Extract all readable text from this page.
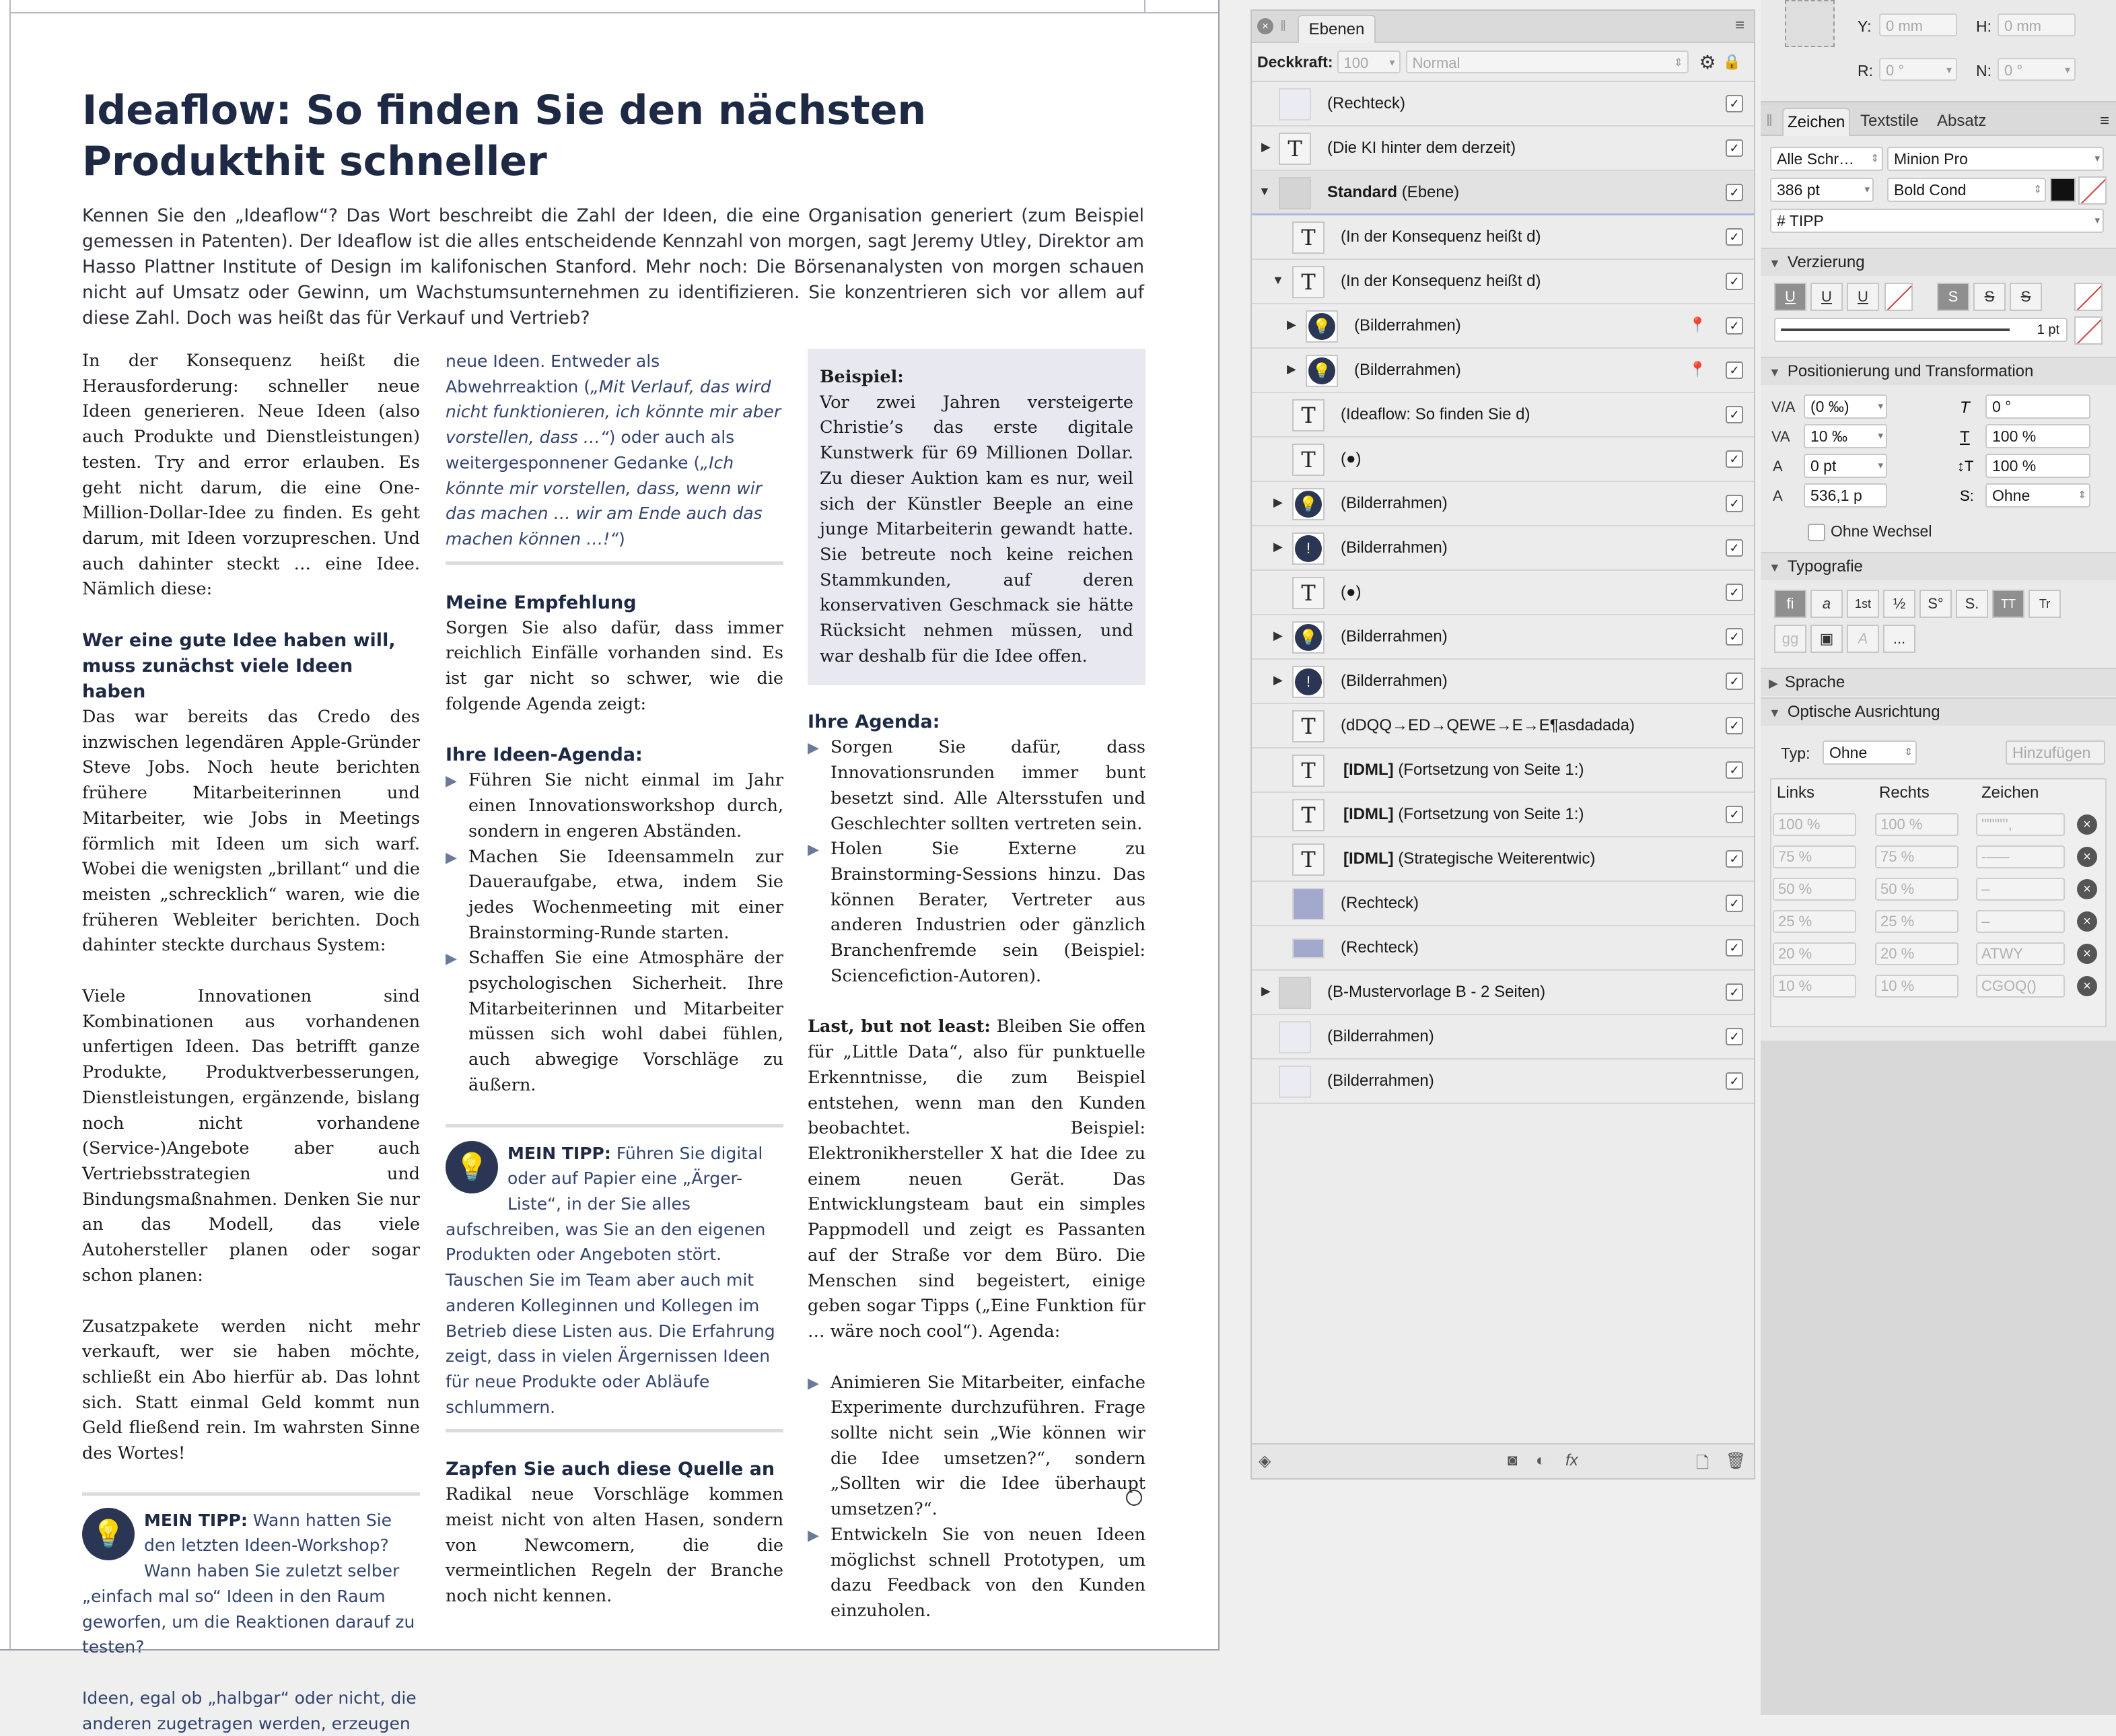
Ideaflow: So finden Sie den nächsten Produkthit schneller

Kennen Sie den „Ideaflow“? Das Wort beschreibt die Zahl der Ideen, die eine Organisation generiert (zum Beispiel gemessen in Patenten). Der Ideaflow ist die alles entscheidende Kennzahl von morgen, sagt Jeremy Utley, Direktor am Hasso Plattner Institute of Design im kalifonischen Stanford. Mehr noch: Die Börsenanalysten von morgen schauen nicht auf Umsatz oder Gewinn, um Wachstumsunternehmen zu identifizieren. Sie konzentrieren sich vor allem auf diese Zahl. Doch was heißt das für Verkauf und Vertrieb?

In der Konsequenz heißt die Herausforderung: schneller neue Ideen generieren. Neue Ideen (also auch Produkte und Dienstleistungen) testen. Try and error erlauben. Es geht nicht darum, die eine One-Million-Dollar-Idee zu finden. Es geht darum, mit Ideen vorzupreschen. Und auch dahinter steckt … eine Idee. Nämlich diese:

Wer eine gute Idee haben will, muss zunächst viele Ideen haben

Das war bereits das Credo des inzwischen legendären Apple-Gründer Steve Jobs. Noch heute berichten frühere Mitarbeiterinnen und Mitarbeiter, wie Jobs in Meetings förmlich mit Ideen um sich warf. Wobei die wenigsten „brillant“ und die meisten „schrecklich“ waren, wie die früheren Webleiter berichten. Doch dahinter steckte durchaus System:

Viele Innovationen sind Kombinationen aus vorhandenen unfertigen Ideen. Das betrifft ganze Produkte, Produktverbesserungen, Dienstleistungen, ergänzende, bislang noch nicht vorhandene (Service-)Angebote aber auch Vertriebsstrategien und Bindungsmaßnahmen. Denken Sie nur an das Modell, das viele Autohersteller planen oder sogar schon planen:

Zusatzpakete werden nicht mehr verkauft, wer sie haben möchte, schließt ein Abo hierfür ab. Das lohnt sich. Statt einmal Geld kommt nun Geld fließend rein. Im wahrsten Sinne des Wortes!

💡	MEIN TIPP: Wann hatten Sie den letzten Ideen-Workshop? Wann haben Sie zuletzt selber „einfach mal so“ Ideen in den Raum geworfen, um die Reaktionen darauf zu testen?

Ideen, egal ob „halbgar“ oder nicht, die anderen zugetragen werden, erzeugen

neue Ideen. Entweder als Abwehrreaktion („Mit Verlauf, das wird nicht funktionieren, ich könnte mir aber vorstellen, dass …“) oder auch als weitergesponnener Gedanke („Ich könnte mir vorstellen, dass, wenn wir das machen … wir am Ende auch das machen können …!“)

Meine Empfehlung

Sorgen Sie also dafür, dass immer reichlich Einfälle vorhanden sind. Es ist gar nicht so schwer, wie die folgende Agenda zeigt:

Ihre Ideen-Agenda:

▶ Führen Sie nicht einmal im Jahr einen Innovationsworkshop durch, sondern in engeren Abständen.
▶ Machen Sie Ideensammeln zur Daueraufgabe, etwa, indem Sie jedes Wochenmeeting mit einer Brainstorming-Runde starten.
▶ Schaffen Sie eine Atmosphäre der psychologischen Sicherheit. Ihre Mitarbeiterinnen und Mitarbeiter müssen sich wohl dabei fühlen, auch abwegige Vorschläge zu äußern.
💡	MEIN TIPP: Führen Sie digital oder auf Papier eine „Ärger-Liste“, in der Sie alles aufschreiben, was Sie an den eigenen Produkten oder Angeboten stört. Tauschen Sie im Team aber auch mit anderen Kolleginnen und Kollegen im Betrieb diese Listen aus. Die Erfahrung zeigt, dass in vielen Ärgernissen Ideen für neue Produkte oder Abläufe schlummern.

Zapfen Sie auch diese Quelle an

Radikal neue Vorschläge kommen meist nicht von alten Hasen, sondern von Newcomern, die die vermeintlichen Regeln der Branche noch nicht kennen.

Beispiel:

Vor zwei Jahren versteigerte Christie’s das erste digitale Kunstwerk für 69 Millionen Dollar. Zu dieser Auktion kam es nur, weil sich der Künstler Beeple an eine junge Mitarbeiterin gewandt hatte. Sie betreute noch keine reichen Stammkunden, auf deren konservativen Geschmack sie hätte Rücksicht nehmen müssen, und war deshalb für die Idee offen.

Ihre Agenda:

▶ Sorgen Sie dafür, dass Innovationsrunden immer bunt besetzt sind. Alle Altersstufen und Geschlechter sollten vertreten sein.
▶ Holen Sie Externe zu Brainstorming-Sessions hinzu. Das können Berater, Vertreter aus anderen Industrien oder gänzlich Branchenfremde sein (Beispiel: Sciencefiction-Autoren).

Last, but not least: Bleiben Sie offen für „Little Data“, also für punktuelle Erkenntnisse, die zum Beispiel entstehen, wenn man den Kunden beobachtet. Beispiel: Elektronikhersteller X hat die Idee zu einem neuen Gerät. Das Entwicklungsteam baut ein simples Pappmodell und zeigt es Passanten auf der Straße vor dem Büro. Die Menschen sind begeistert, einige geben sogar Tipps („Eine Funktion für … wäre noch cool“). Agenda:

▶ Animieren Sie Mitarbeiter, einfache Experimente durchzuführen. Frage sollte nicht sein „Wie können wir die Idee umsetzen?“, sondern „Sollten wir die Idee überhaupt umsetzen?“.
▶ Entwickeln Sie von neuen Ideen möglichst schnell Prototypen, um dazu Feedback von den Kunden einzuholen.
× ‖	Ebenen	≡
Deckkraft: 100 ▾	Normal	⇕ ⚙ 🔒
(Rechteck)	✓
▶ T	(Die KI hinter dem derzeit)	✓
▼	Standard (Ebene)	✓
T	(In der Konsequenz heißt d)	✓
▼ T	(In der Konsequenz heißt d)	✓
▶ 💡 (Bilderrahmen)	📍	✓
▶ 💡 (Bilderrahmen)	📍	✓
T	(Ideaflow: So finden Sie d)	✓
T	(●)	✓
▶ 💡 (Bilderrahmen)	✓
▶	!	(Bilderrahmen)	✓
T	(●)	✓
▶ 💡 (Bilderrahmen)	✓
▶	!	(Bilderrahmen)	✓
T	(dDQQ→ED→QEWE→E→E¶asdadada)	✓
T	[IDML] (Fortsetzung von Seite 1:)	✓
T	[IDML] (Fortsetzung von Seite 1:)	✓
T	[IDML] (Strategische Weiterentwic)	✓
(Rechteck)	✓
(Rechteck)	✓
▶	(B-Mustervorlage B - 2 Seiten)	✓
(Bilderrahmen)	✓
(Bilderrahmen)	✓
◈	◙ ◐ fx	🗋 🗑
Y: 0 mm	H: 0 mm
R: 0 °	▾ N: 0 °	▾
‖ Zeichen Textstile Absatz	≡
Alle Schr… ⇕ Minion Pro	▾
386 pt	▾	Bold Cond	⇕
# TIPP	▾
▼ Verzierung
U	U	U	S	S	S
1 pt
▼ Positionierung und Transformation
V/A (0 ‰)	▾
VA	10 ‰	▾
A	0 pt	▾
A	536,1 p
T	0 °
T	100 %
↕T	100 %
S:	Ohne	⇕
Ohne Wechsel
▼ Typografie
fi	a	1st	½	S°	S.	TT	Tr
gg	▣	A	...
▶ Sprache
▼ Optische Ausrichtung
Typ:	Ohne	⇕	Hinzufügen
Links	Rechts	Zeichen
100 %	100 %	""""'',	×
75 %	75 %	-–—	×
50 %	50 %	–	×
25 %	25 %	–	×
20 %	20 %	ATWY	×
10 %	10 %	CGOQ()	×
